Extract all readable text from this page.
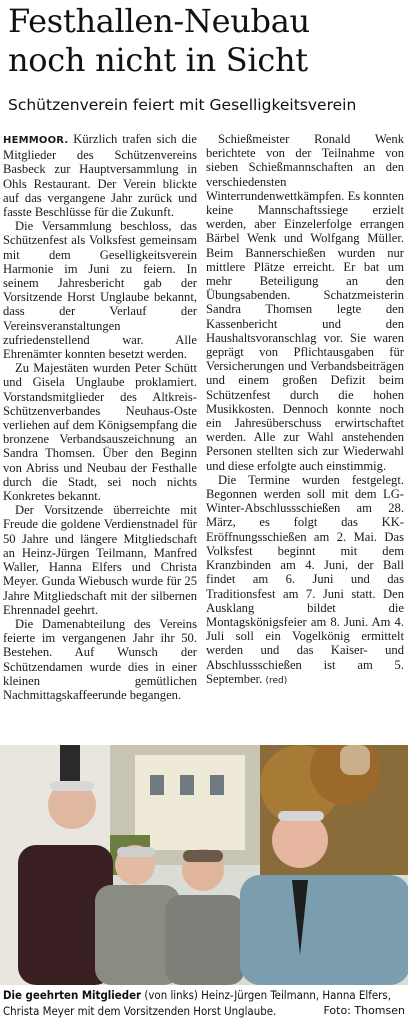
Festhallen-Neubau
noch nicht in Sicht
Schützenverein feiert mit Geselligkeitsverein

HEMMOOR. Kürzlich trafen sich die Mitglieder des Schützenvereins Basbeck zur Hauptversammlung in Ohls Restaurant. Der Verein blickte auf das vergangene Jahr zurück und fasste Beschlüsse für die Zukunft.

Die Versammlung beschloss, das Schützenfest als Volksfest gemeinsam mit dem Geselligkeitsverein Harmonie im Juni zu feiern. In seinem Jahresbericht gab der Vorsitzende Horst Unglaube bekannt, dass der Verlauf der Vereinsveranstaltungen zufriedenstellend war. Alle Ehrenämter konnten besetzt werden.

Zu Majestäten wurden Peter Schütt und Gisela Unglaube proklamiert. Vorstandsmitglieder des Altkreis-Schützenverbandes Neuhaus-Oste verliehen auf dem Königsempfang die bronzene Verbandsauszeichnung an Sandra Thomsen. Über den Beginn von Abriss und Neubau der Festhalle durch die Stadt, sei noch nichts Konkretes bekannt.

Der Vorsitzende überreichte mit Freude die goldene Verdienstnadel für 50 Jahre und längere Mitgliedschaft an Heinz-Jürgen Teilmann, Manfred Waller, Hanna Elfers und Christa Meyer. Gunda Wiebusch wurde für 25 Jahre Mitgliedschaft mit der silbernen Ehrennadel geehrt.

Die Damenabteilung des Vereins feierte im vergangenen Jahr ihr 50. Bestehen. Auf Wunsch der Schützendamen wurde dies in einer kleinen gemütlichen Nachmittagskaffeerunde begangen.

Schießmeister Ronald Wenk berichtete von der Teilnahme von sieben Schießmannschaften an den verschiedensten Winterrundenwettkämpfen. Es konnten keine Mannschaftssiege erzielt werden, aber Einzelerfolge errangen Bärbel Wenk und Wolfgang Müller. Beim Bannerschießen wurden nur mittlere Plätze erreicht. Er bat um mehr Beteiligung an den Übungsabenden. Schatzmeisterin Sandra Thomsen legte den Kassenbericht und den Haushaltsvoranschlag vor. Sie waren geprägt von Pflichtausgaben für Versicherungen und Verbandsbeiträgen und einem großen Defizit beim Schützenfest durch die hohen Musikkosten. Dennoch konnte noch ein Jahresüberschuss erwirtschaftet werden. Alle zur Wahl anstehenden Personen stellten sich zur Wiederwahl und diese erfolgte auch einstimmig.

Die Termine wurden festgelegt. Begonnen werden soll mit dem LG-Winter-Abschlussschießen am 28. März, es folgt das KK-Eröffnungsschießen am 2. Mai. Das Volksfest beginnt mit dem Kranzbinden am 4. Juni, der Ball findet am 6. Juni und das Traditionsfest am 7. Juni statt. Den Ausklang bildet die Montagskönigsfeier am 8. Juni. Am 4. Juli soll ein Vogelkönig ermittelt werden und das Kaiser- und Abschlussschießen ist am 5. September. (red)

Die geehrten Mitglieder (von links) Heinz-Jürgen Teilmann, Hanna Elfers, Christa Meyer mit dem Vorsitzenden Horst Unglaube.	Foto: Thomsen
